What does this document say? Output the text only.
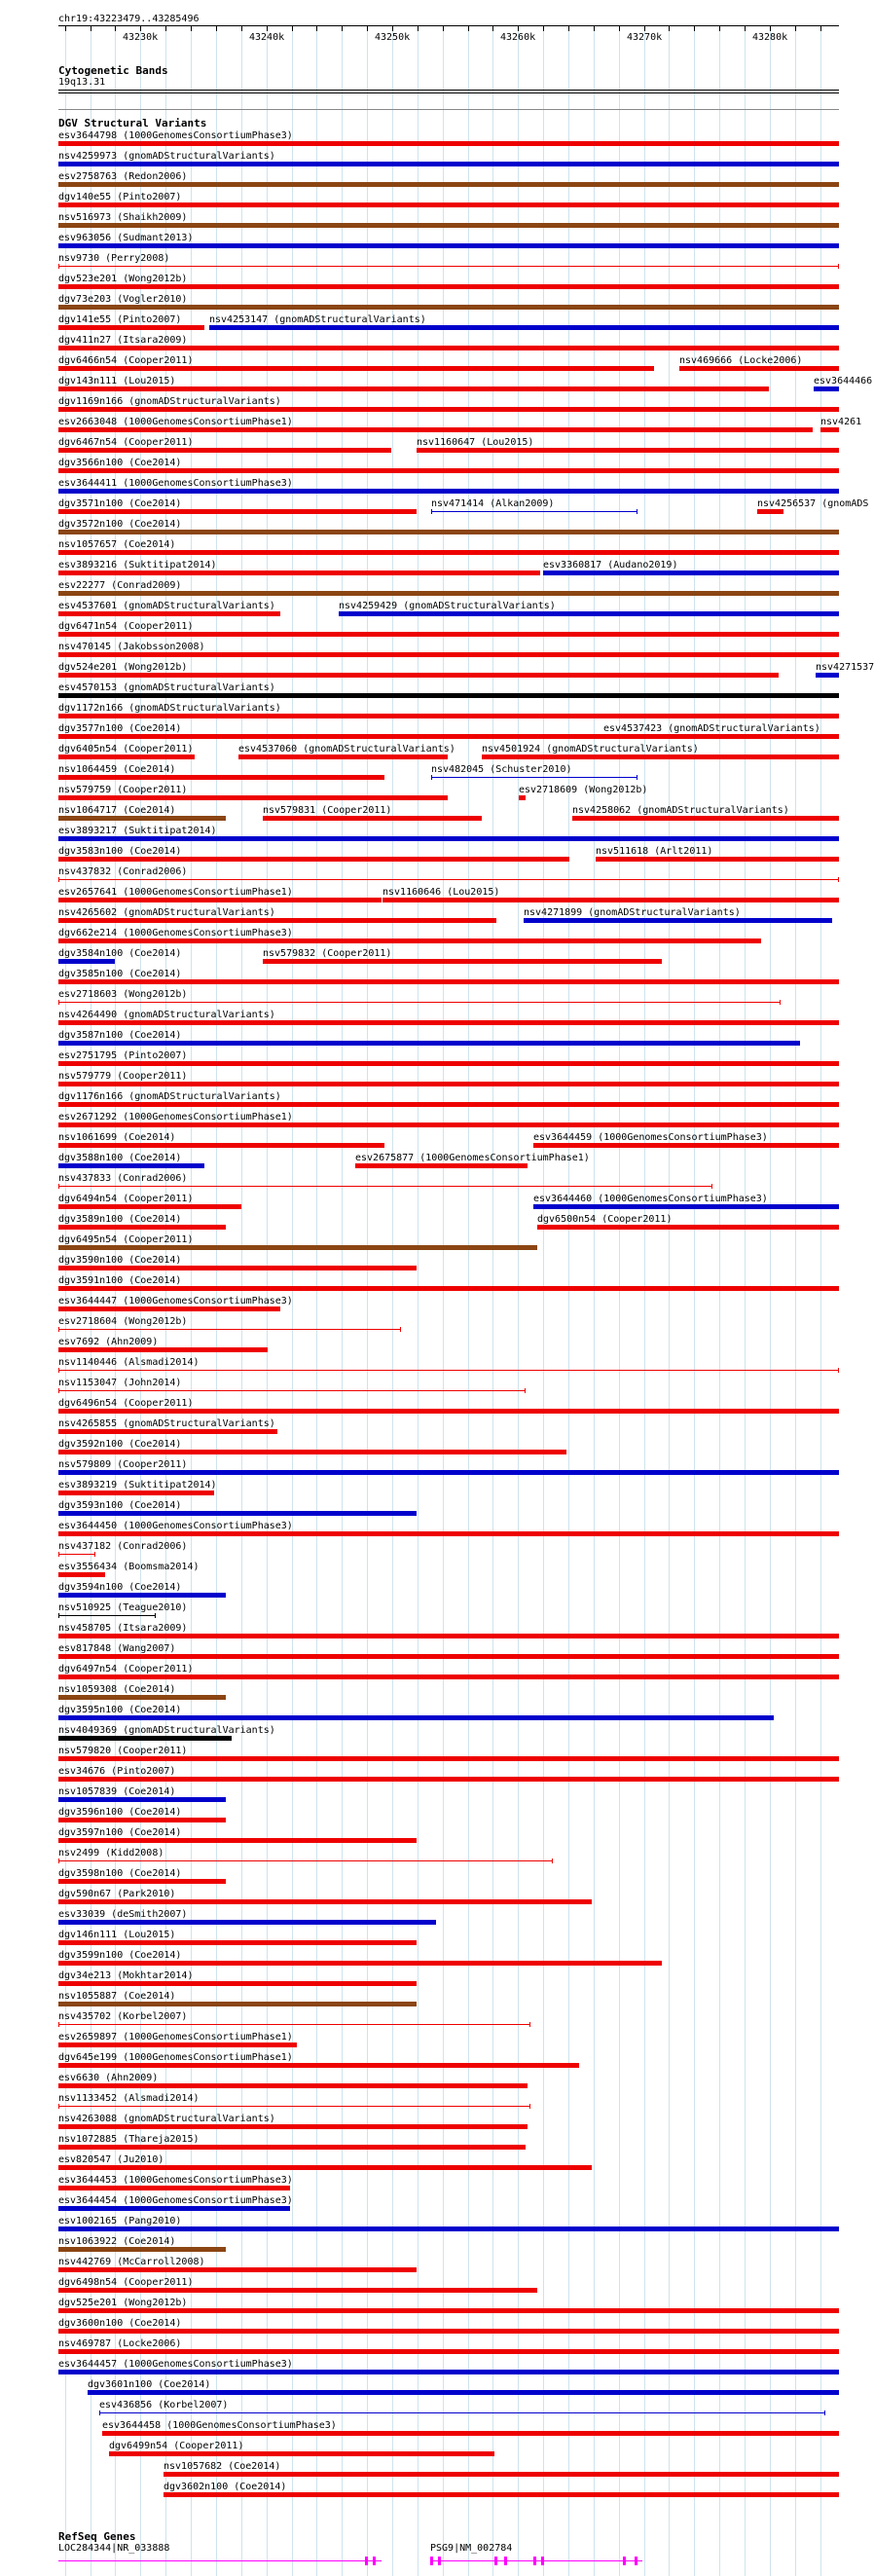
chr19:43223479..43285496
43230k	43240k	43250k	43260k	43270k	43280k
Cytogenetic Bands
19q13.31
DGV Structural Variants
esv3644798 (1000GenomesConsortiumPhase3)
nsv4259973 (gnomADStructuralVariants)
esv2758763 (Redon2006)
dgv140e55 (Pinto2007)
nsv516973 (Shaikh2009)
esv963056 (Sudmant2013)
nsv9730 (Perry2008)
dgv523e201 (Wong2012b)
dgv73e203 (Vogler2010)
dgv141e55 (Pinto2007)	nsv4253147 (gnomADStructuralVariants)
dgv411n27 (Itsara2009)
dgv6466n54 (Cooper2011)	nsv469666 (Locke2006)
dgv143n111 (Lou2015)	esv3644466
dgv1169n166 (gnomADStructuralVariants)
esv2663048 (1000GenomesConsortiumPhase1)	nsv4261
dgv6467n54 (Cooper2011)	nsv1160647 (Lou2015)
dgv3566n100 (Coe2014)
esv3644411 (1000GenomesConsortiumPhase3)
dgv3571n100 (Coe2014)	nsv471414 (Alkan2009)	nsv4256537 (gnomADS
dgv3572n100 (Coe2014)
nsv1057657 (Coe2014)
esv3893216 (Suktitipat2014)	esv3360817 (Audano2019)
esv22277 (Conrad2009)
esv4537601 (gnomADStructuralVariants)	nsv4259429 (gnomADStructuralVariants)
dgv6471n54 (Cooper2011)
nsv470145 (Jakobsson2008)
dgv524e201 (Wong2012b)	nsv4271537
esv4570153 (gnomADStructuralVariants)
dgv1172n166 (gnomADStructuralVariants)
dgv3577n100 (Coe2014)	esv4537423 (gnomADStructuralVariants)
dgv6405n54 (Cooper2011)	esv4537060 (gnomADStructuralVariants)	nsv4501924 (gnomADStructuralVariants)
nsv1064459 (Coe2014)	nsv482045 (Schuster2010)
nsv579759 (Cooper2011)	esv2718609 (Wong2012b)
nsv1064717 (Coe2014)	nsv579831 (Cooper2011)	nsv4258062 (gnomADStructuralVariants)
esv3893217 (Suktitipat2014)
dgv3583n100 (Coe2014)	nsv511618 (Arlt2011)
nsv437832 (Conrad2006)
esv2657641 (1000GenomesConsortiumPhase1)	nsv1160646 (Lou2015)
nsv4265602 (gnomADStructuralVariants)	nsv4271899 (gnomADStructuralVariants)
dgv662e214 (1000GenomesConsortiumPhase3)
dgv3584n100 (Coe2014)	nsv579832 (Cooper2011)
dgv3585n100 (Coe2014)
esv2718603 (Wong2012b)
nsv4264490 (gnomADStructuralVariants)
dgv3587n100 (Coe2014)
esv2751795 (Pinto2007)
nsv579779 (Cooper2011)
dgv1176n166 (gnomADStructuralVariants)
esv2671292 (1000GenomesConsortiumPhase1)
nsv1061699 (Coe2014)	esv3644459 (1000GenomesConsortiumPhase3)
dgv3588n100 (Coe2014)	esv2675877 (1000GenomesConsortiumPhase1)
nsv437833 (Conrad2006)
dgv6494n54 (Cooper2011)	esv3644460 (1000GenomesConsortiumPhase3)
dgv3589n100 (Coe2014)	dgv6500n54 (Cooper2011)
dgv6495n54 (Cooper2011)
dgv3590n100 (Coe2014)
dgv3591n100 (Coe2014)
esv3644447 (1000GenomesConsortiumPhase3)
esv2718604 (Wong2012b)
esv7692 (Ahn2009)
nsv1140446 (Alsmadi2014)
nsv1153047 (John2014)
dgv6496n54 (Cooper2011)
nsv4265855 (gnomADStructuralVariants)
dgv3592n100 (Coe2014)
nsv579809 (Cooper2011)
esv3893219 (Suktitipat2014)
dgv3593n100 (Coe2014)
esv3644450 (1000GenomesConsortiumPhase3)
nsv437182 (Conrad2006)
esv3556434 (Boomsma2014)
dgv3594n100 (Coe2014)
nsv510925 (Teague2010)
nsv458705 (Itsara2009)
esv817848 (Wang2007)
dgv6497n54 (Cooper2011)
nsv1059308 (Coe2014)
dgv3595n100 (Coe2014)
nsv4049369 (gnomADStructuralVariants)
nsv579820 (Cooper2011)
esv34676 (Pinto2007)
nsv1057839 (Coe2014)
dgv3596n100 (Coe2014)
dgv3597n100 (Coe2014)
nsv2499 (Kidd2008)
dgv3598n100 (Coe2014)
dgv590n67 (Park2010)
esv33039 (deSmith2007)
dgv146n111 (Lou2015)
dgv3599n100 (Coe2014)
dgv34e213 (Mokhtar2014)
nsv1055887 (Coe2014)
nsv435702 (Korbel2007)
esv2659897 (1000GenomesConsortiumPhase1)
dgv645e199 (1000GenomesConsortiumPhase1)
esv6630 (Ahn2009)
nsv1133452 (Alsmadi2014)
nsv4263088 (gnomADStructuralVariants)
nsv1072885 (Thareja2015)
esv820547 (Ju2010)
esv3644453 (1000GenomesConsortiumPhase3)
esv3644454 (1000GenomesConsortiumPhase3)
esv1002165 (Pang2010)
nsv1063922 (Coe2014)
nsv442769 (McCarroll2008)
dgv6498n54 (Cooper2011)
dgv525e201 (Wong2012b)
dgv3600n100 (Coe2014)
nsv469787 (Locke2006)
esv3644457 (1000GenomesConsortiumPhase3)
dgv3601n100 (Coe2014)
esv436856 (Korbel2007)
esv3644458 (1000GenomesConsortiumPhase3)
dgv6499n54 (Cooper2011)
nsv1057682 (Coe2014)
dgv3602n100 (Coe2014)
RefSeq Genes
LOC284344|NR_033888	PSG9|NM_002784
